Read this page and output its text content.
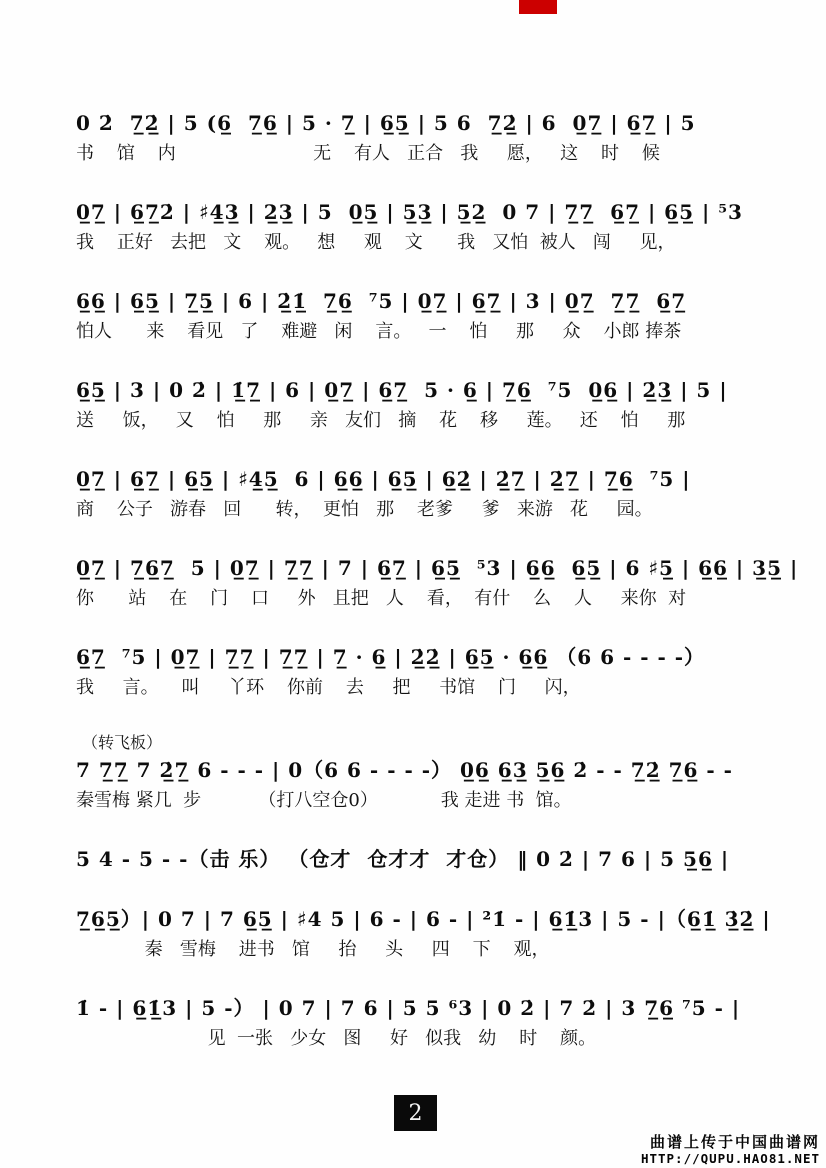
0 2̇  7̲2̲̇ | 5 (6̲  7̲6̲ | 5 · 7̲ | 6̲5̲ | 5 6  7̲2̲̇ | 6  0̲7̲ | 6̲7̲ | 5
书    馆    内                        无    有人   正合   我     愿，   这    时    候
0̲7̲ | 6̲7̲2̇ | ♯4̲3̲ | 2̲3̲ | 5  0̲5̲ | 5̲3̲ | 5̲2̲  0 7 | 7̲7̲  6̲7̲ | 6̲5̲ | ⁵3
我    正好   去把   文    观。   想     观    文      我   又怕  被人   闯     见，
6̲6̲ | 6̲5̲ | 7̲5̲ | 6 | 2̲̇1̲̇  7̲6̲  ⁷5 | 0̲7̲ | 6̲7̲ | 3 | 0̲7̲  7̲7̲  6̲7̲
怕人      来    看见   了    难避   闲    言。   一    怕     那     众    小郎 捧茶
6̲5̲ | 3 | 0 2̇ | 1̲̇7̲ | 6 | 0̲7̲ | 6̲7̲  5 · 6̲ | 7̲6̲  ⁷5  0̲6̲ | 2̲̇3̲ | 5 |
送     饭，   又    怕     那     亲   友们   摘    花    移     莲。   还    怕     那
0̲7̲ | 6̲7̲ | 6̲5̲ | ♯4̲5̲  6 | 6̲6̲ | 6̲5̲ | 6̲2̲̇ | 2̲̇7̲ | 2̲̇7̲ | 7̲6̲  ⁷5 |
商    公子   游春   回      转，  更怕   那    老爹     爹   来游   花     园。
0̲7̲ | 7̲6̲7̲  5 | 0̲7̲ | 7̲7̲ | 7 | 6̲7̲ | 6̲5̲  ⁵3 | 6̲6̲  6̲5̲ | 6 ♯5̲ | 6̲6̲ | 3̲5̲ |
你      站    在    门    口     外   且把   人    看，  有什    么    人     来你  对
6̲7̲  ⁷5 | 0̲7̲ | 7̲7̲ | 7̲7̲ | 7̲ · 6̲ | 2̲̇2̲̇ | 6̲5̲ · 6̲6̲ （6 6 - - - -）
我     言。    叫     丫环    你前    去     把     书馆    门     闪，
（转飞板）
7 7̲7̲ 7 2̲̇7̲ 6 - - - | 0（6 6 - - - -） 0̲6̲ 6̲3̲ 5̲6̲ 2̇ - - 7̲2̲̇ 7̲6̲ - -
秦雪梅 紧几  步          （打八空仓0）           我 走进 书  馆。
5 4 - 5 - -（击 乐） （仓才  仓才才  才仓） ‖ 0 2̇ | 7 6 | 5 5̲6̲ |
7̲6̲5̲）| 0 7 | 7 6̲5̲ | ♯4 5 | 6 - | 6 - | ²1̇ - | 6̲1̲̇3 | 5 - |（6̲1̲̇ 3̲̇2̲̇ |
秦   雪梅    进书   馆     抬     头     四    下    观，
1̇ - | 6̲1̲̇3 | 5 -） | 0 7 | 7 6 | 5 5 ⁶3 | 0 2̇ | 7 2̇ | 3 7̲6̲ ⁷5 - |
见  一张   少女   图     好   似我   幼    时    颜。
2
曲谱上传于中国曲谱网
HTTP://QUPU.HAO81.NET
